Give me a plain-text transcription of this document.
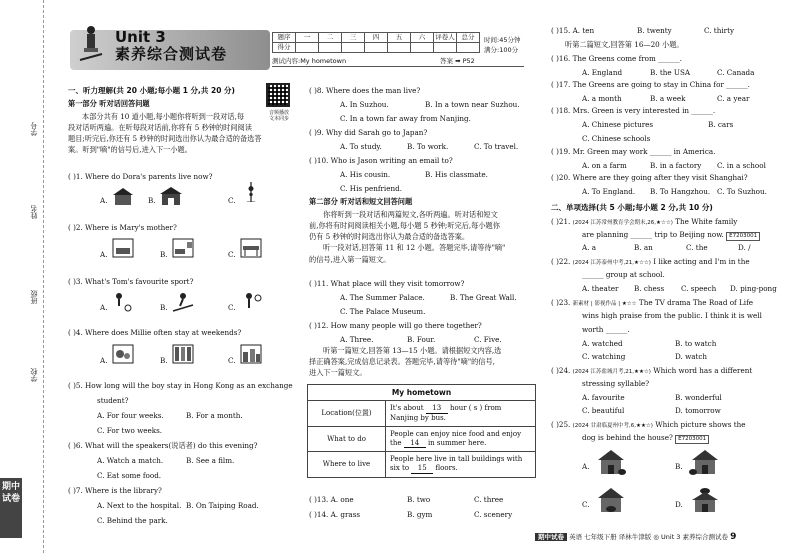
学号
姓名
班级
学校
期中试卷
Unit 3
素养综合测试卷
题序	一	二	三	四	五	六	评卷人	总分
得分								
时间:45分钟
满分:100分
测试内容:My hometown	答案 ➡ P52
音频播放
文本同步
一、听力理解(共 20 小题;每小题 1 分,共 20 分)
第一部分 听对话回答问题
本部分共有 10 道小题,每小题你将听到一段对话,每
段对话听两遍。在听每段对话前,你将有 5 秒钟的时间阅读
题目;听完后,你还有 5 秒钟的时间选出你认为最合适的备选答
案。听到"嘀"的信号后,进入下一小题。
( )1. Where do Dora's parents live now?
A.	B.	C.
( )2. Where is Mary's mother?
A.	B.	C.
( )3. What's Tom's favourite sport?
A.	B.	C.
( )4. Where does Millie often stay at weekends?
A.	B.	C.
( )5. How long will the boy stay in Hong Kong as an exchange
student?
A. For four weeks.	B. For a month.
C. For two weeks.
( )6. What will the speakers(说话者) do this evening?
A. Watch a match.	B. See a film.
C. Eat some food.
( )7. Where is the library?
A. Next to the hospital. B. On Taiping Road.
C. Behind the park.
( )8. Where does the man live?
A. In Suzhou.	B. In a town near Suzhou.
C. In a town far away from Nanjing.
( )9. Why did Sarah go to Japan?
A. To study.	B. To work.	C. To travel.
( )10. Who is Jason writing an email to?
A. His cousin.	B. His classmate.
C. His penfriend.
第二部分 听对话和短文回答问题
你将听到一段对话和两篇短文,各听两遍。听对话和短文
前,你将有时间阅读相关小题,每小题 5 秒钟;听完后,每小题你
仍有 5 秒钟的时间选出你认为最合适的备选答案。
听一段对话,回答第 11 和 12 小题。答题完毕,请等待"嘀"
的信号,进入第一篇短文。
( )11. What place will they visit tomorrow?
A. The Summer Palace.	B. The Great Wall.
C. The Palace Museum.
( )12. How many people will go there together?
A. Three.	B. Four.	C. Five.
听第一篇短文,回答第 13—15 小题。请根据短文内容,选
择正确答案,完成信息记录表。答题完毕,请等待"嘀"的信号,
进入下一篇短文。
My hometown	
Location(位置)	It's about 13 hour ( s ) from Nanjing by bus.
What to do	People can enjoy nice food and enjoy the 14 in summer here.
Where to live	People here live in tall buildings with six to 15 floors.
( )13. A. one	B. two	C. three
( )14. A. grass	B. gym	C. scenery
( )15. A. ten	B. twenty	C. thirty
听第二篇短文,回答第 16—20 小题。
( )16. The Greens come from ______.
A. England	B. the USA	C. Canada
( )17. The Greens are going to stay in China for ______.
A. a month	B. a week	C. a year
( )18. Mrs. Green is very interested in ______.
A. Chinese pictures	B. cars
C. Chinese schools
( )19. Mr. Green may work ______ in America.
A. on a farm	B. in a factory C. in a school
( )20. Where are they going after they visit Shanghai?
A. To England. B. To Hangzhou. C. To Suzhou.
二、单项选择(共 5 小题;每小题 2 分,共 10 分)
( )21. (2024 江苏常州教育学会期末,26,★☆☆) The White family
are planning ______ trip to Beijing now. E7203001
A. a	B. an	C. the	D. /
( )22. (2024 江苏泰州中考,21,★☆☆) I like acting and I'm in the
______ group at school.
A. theater B. chess C. speech D. ping-pong
( )23. 新素材 | 影视作品 | ★☆☆ The TV drama The Road of Life
wins high praise from the public. I think it is well
worth ______.
A. watched	B. to watch
C. watching	D. watch
( )24. (2024 江苏盐城月考,21,★★☆) Which word has a different
stressing syllable?
A. favourite	B. wonderful
C. beautiful	D. tomorrow
( )25. (2024 甘肃临夏州中考,6,★★☆) Which picture shows the
dog is behind the house? E7203001
A.	B.
C.	D.
期中试卷 英语 七年级下册 译林牛津版 ◎ Unit 3 素养综合测试卷 9
